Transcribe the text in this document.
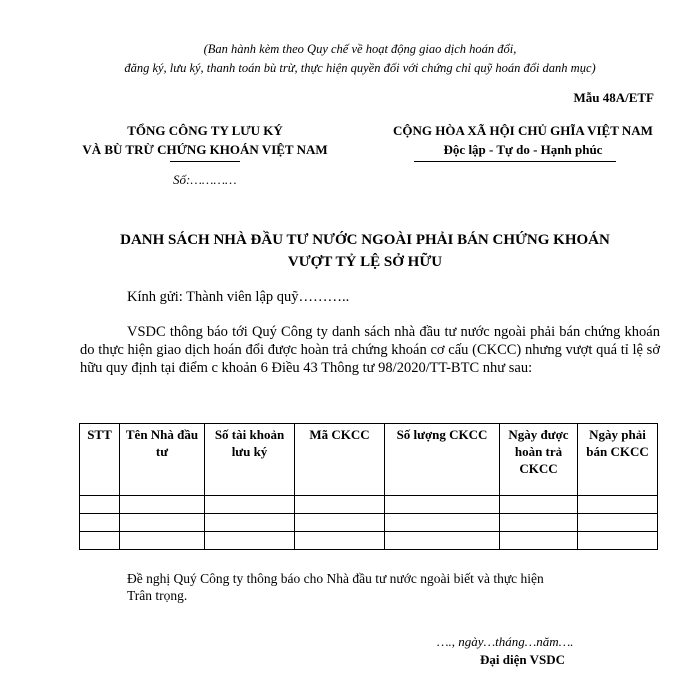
(Ban hành kèm theo Quy chế về hoạt động giao dịch hoán đổi,
đăng ký, lưu ký, thanh toán bù trừ, thực hiện quyền đối với chứng chỉ quỹ hoán đổi danh mục)
Mẫu 48A/ETF
TỔNG CÔNG TY LƯU KÝ
VÀ BÙ TRỪ CHỨNG KHOÁN VIỆT NAM
Số:…………
CỘNG HÒA XÃ HỘI CHỦ GHĨA VIỆT NAM
Độc lập - Tự do - Hạnh phúc
DANH SÁCH NHÀ ĐẦU TƯ NƯỚC NGOÀI PHẢI BÁN CHỨNG KHOÁN
VƯỢT TỶ LỆ SỞ HỮU
Kính gửi: Thành viên lập quỹ………..
VSDC thông báo tới Quý Công ty danh sách nhà đầu tư nước ngoài phải bán chứng khoán do thực hiện giao dịch hoán đổi được hoàn trả chứng khoán cơ cấu (CKCC) nhưng vượt quá tỉ lệ sở hữu quy định tại điểm c khoản 6 Điều 43 Thông tư 98/2020/TT-BTC như sau:
STT	Tên Nhà đầu tư	Số tài khoản lưu ký	Mã CKCC	Số lượng CKCC	Ngày được hoàn trả CKCC	Ngày phải bán CKCC

Đề nghị Quý Công ty thông báo cho Nhà đầu tư nước ngoài biết và thực hiện
Trân trọng.
…., ngày…tháng…năm….
Đại diện VSDC
